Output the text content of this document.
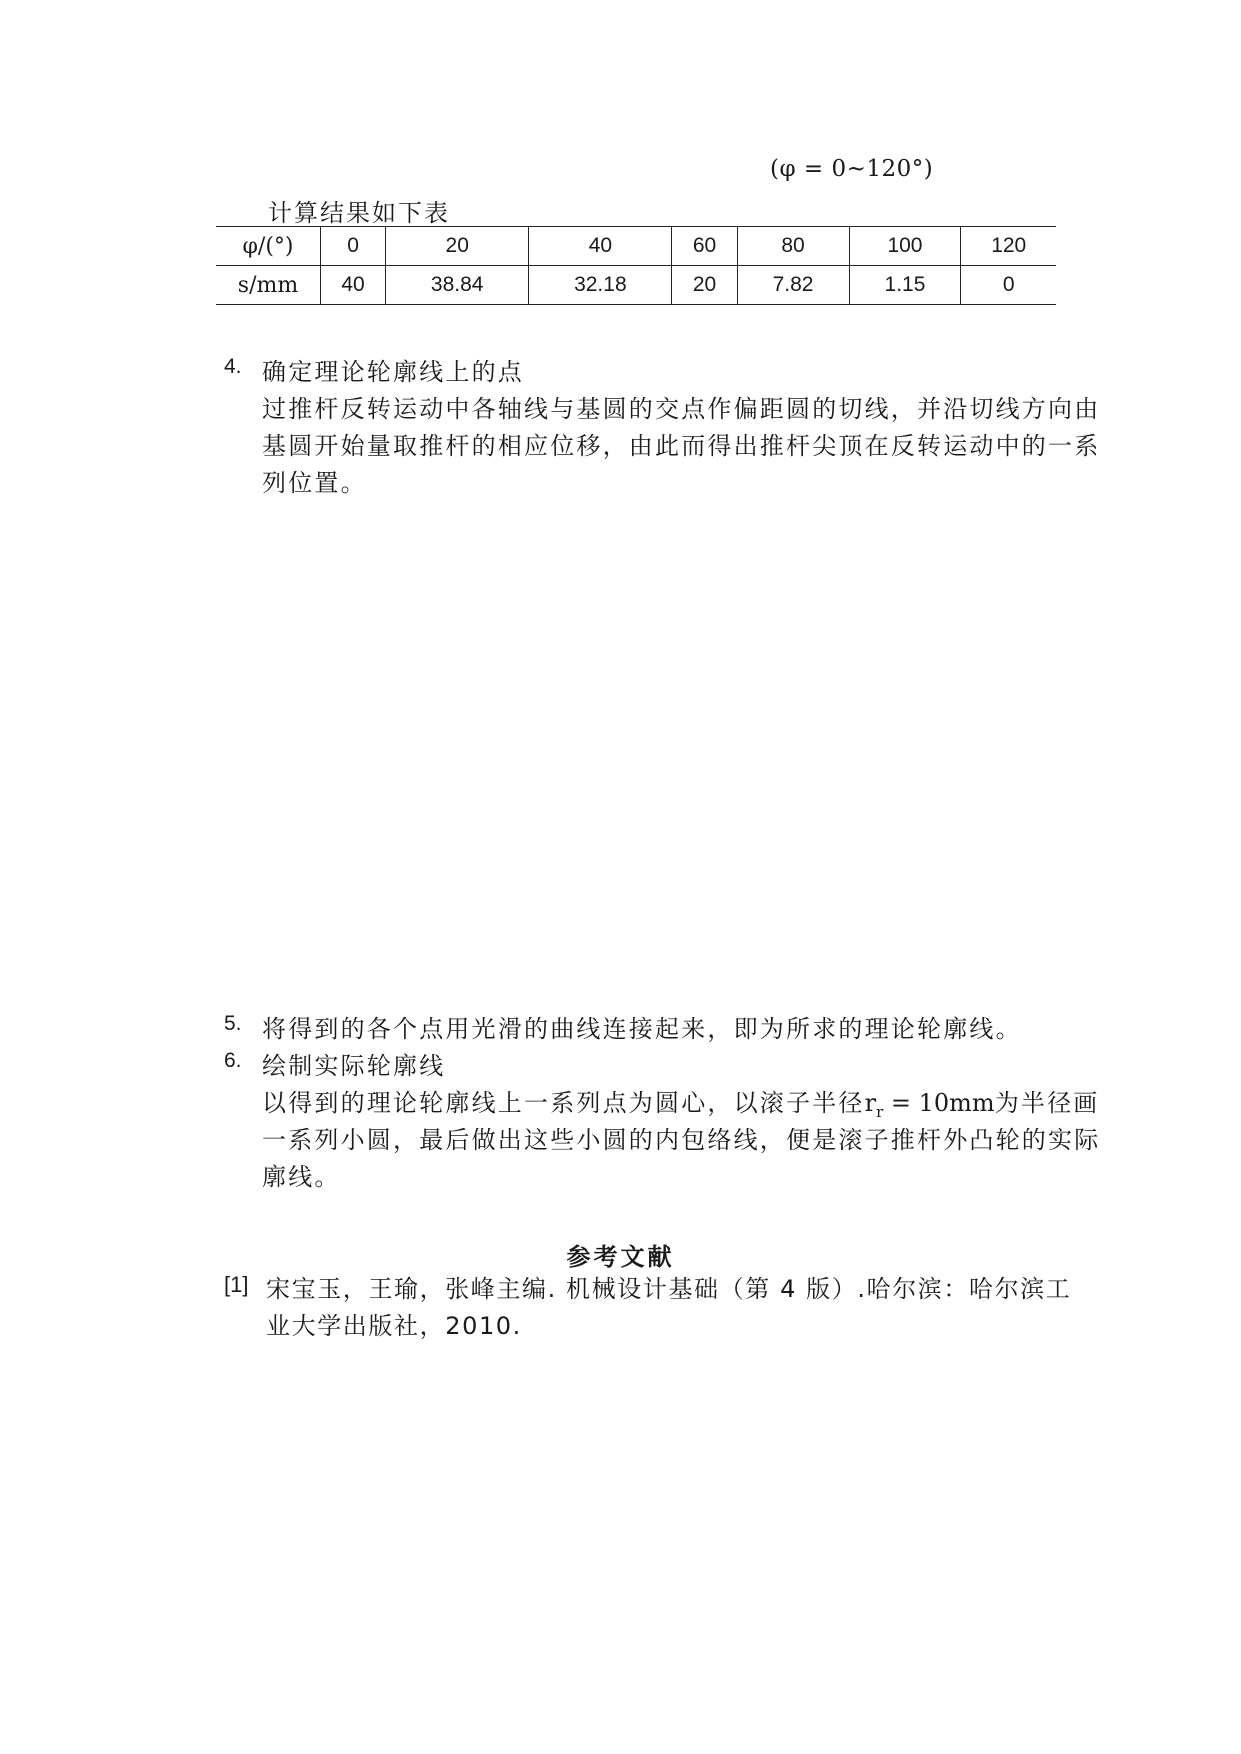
(φ = 0~120°)
计算结果如下表
φ/(°)	0	20	40	60	80	100	120
s/mm	40	38.84	32.18	20	7.82	1.15	0
4. 确定理论轮廓线上的点
过推杆反转运动中各轴线与基圆的交点作偏距圆的切线，并沿切线方向由
基圆开始量取推杆的相应位移，由此而得出推杆尖顶在反转运动中的一系
列位置。
5. 将得到的各个点用光滑的曲线连接起来，即为所求的理论轮廓线。
6. 绘制实际轮廓线
以得到的理论轮廓线上一系列点为圆心，以滚子半径$r_r = 10mm$为半径画
一系列小圆，最后做出这些小圆的内包络线，便是滚子推杆外凸轮的实际
廓线。
参考文献
[1] 宋宝玉，王瑜，张峰主编. 机械设计基础（第 4 版）.哈尔滨：哈尔滨工
业大学出版社，2010.
